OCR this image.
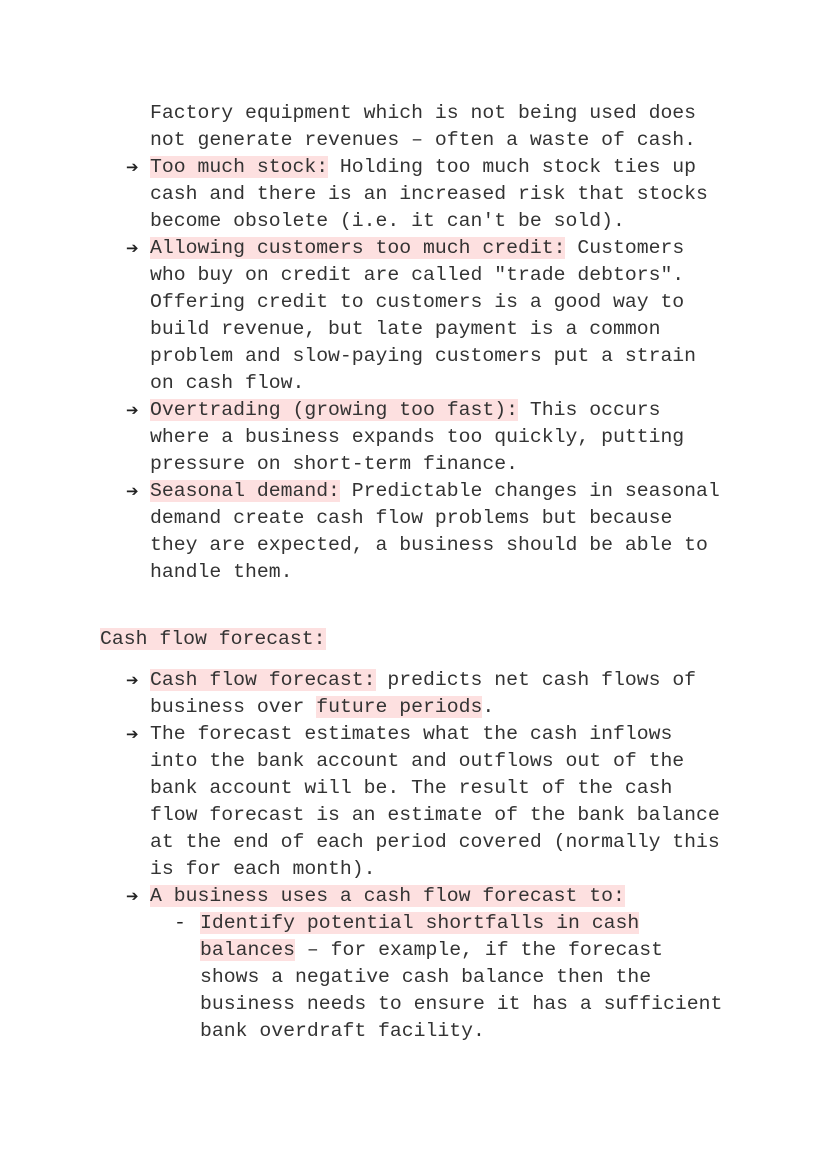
Factory equipment which is not being used does
not generate revenues – often a waste of cash.
➔ Too much stock: Holding too much stock ties up
cash and there is an increased risk that stocks
become obsolete (i.e. it can't be sold).
➔ Allowing customers too much credit: Customers
who buy on credit are called "trade debtors".
Offering credit to customers is a good way to
build revenue, but late payment is a common
problem and slow-paying customers put a strain
on cash flow.
➔ Overtrading (growing too fast): This occurs
where a business expands too quickly, putting
pressure on short-term finance.
➔ Seasonal demand: Predictable changes in seasonal
demand create cash flow problems but because
they are expected, a business should be able to
handle them.
Cash flow forecast:
➔ Cash flow forecast: predicts net cash flows of
business over future periods.
➔ The forecast estimates what the cash inflows
into the bank account and outflows out of the
bank account will be. The result of the cash
flow forecast is an estimate of the bank balance
at the end of each period covered (normally this
is for each month).
➔ A business uses a cash flow forecast to:
- Identify potential shortfalls in cash
balances – for example, if the forecast
shows a negative cash balance then the
business needs to ensure it has a sufficient
bank overdraft facility.
